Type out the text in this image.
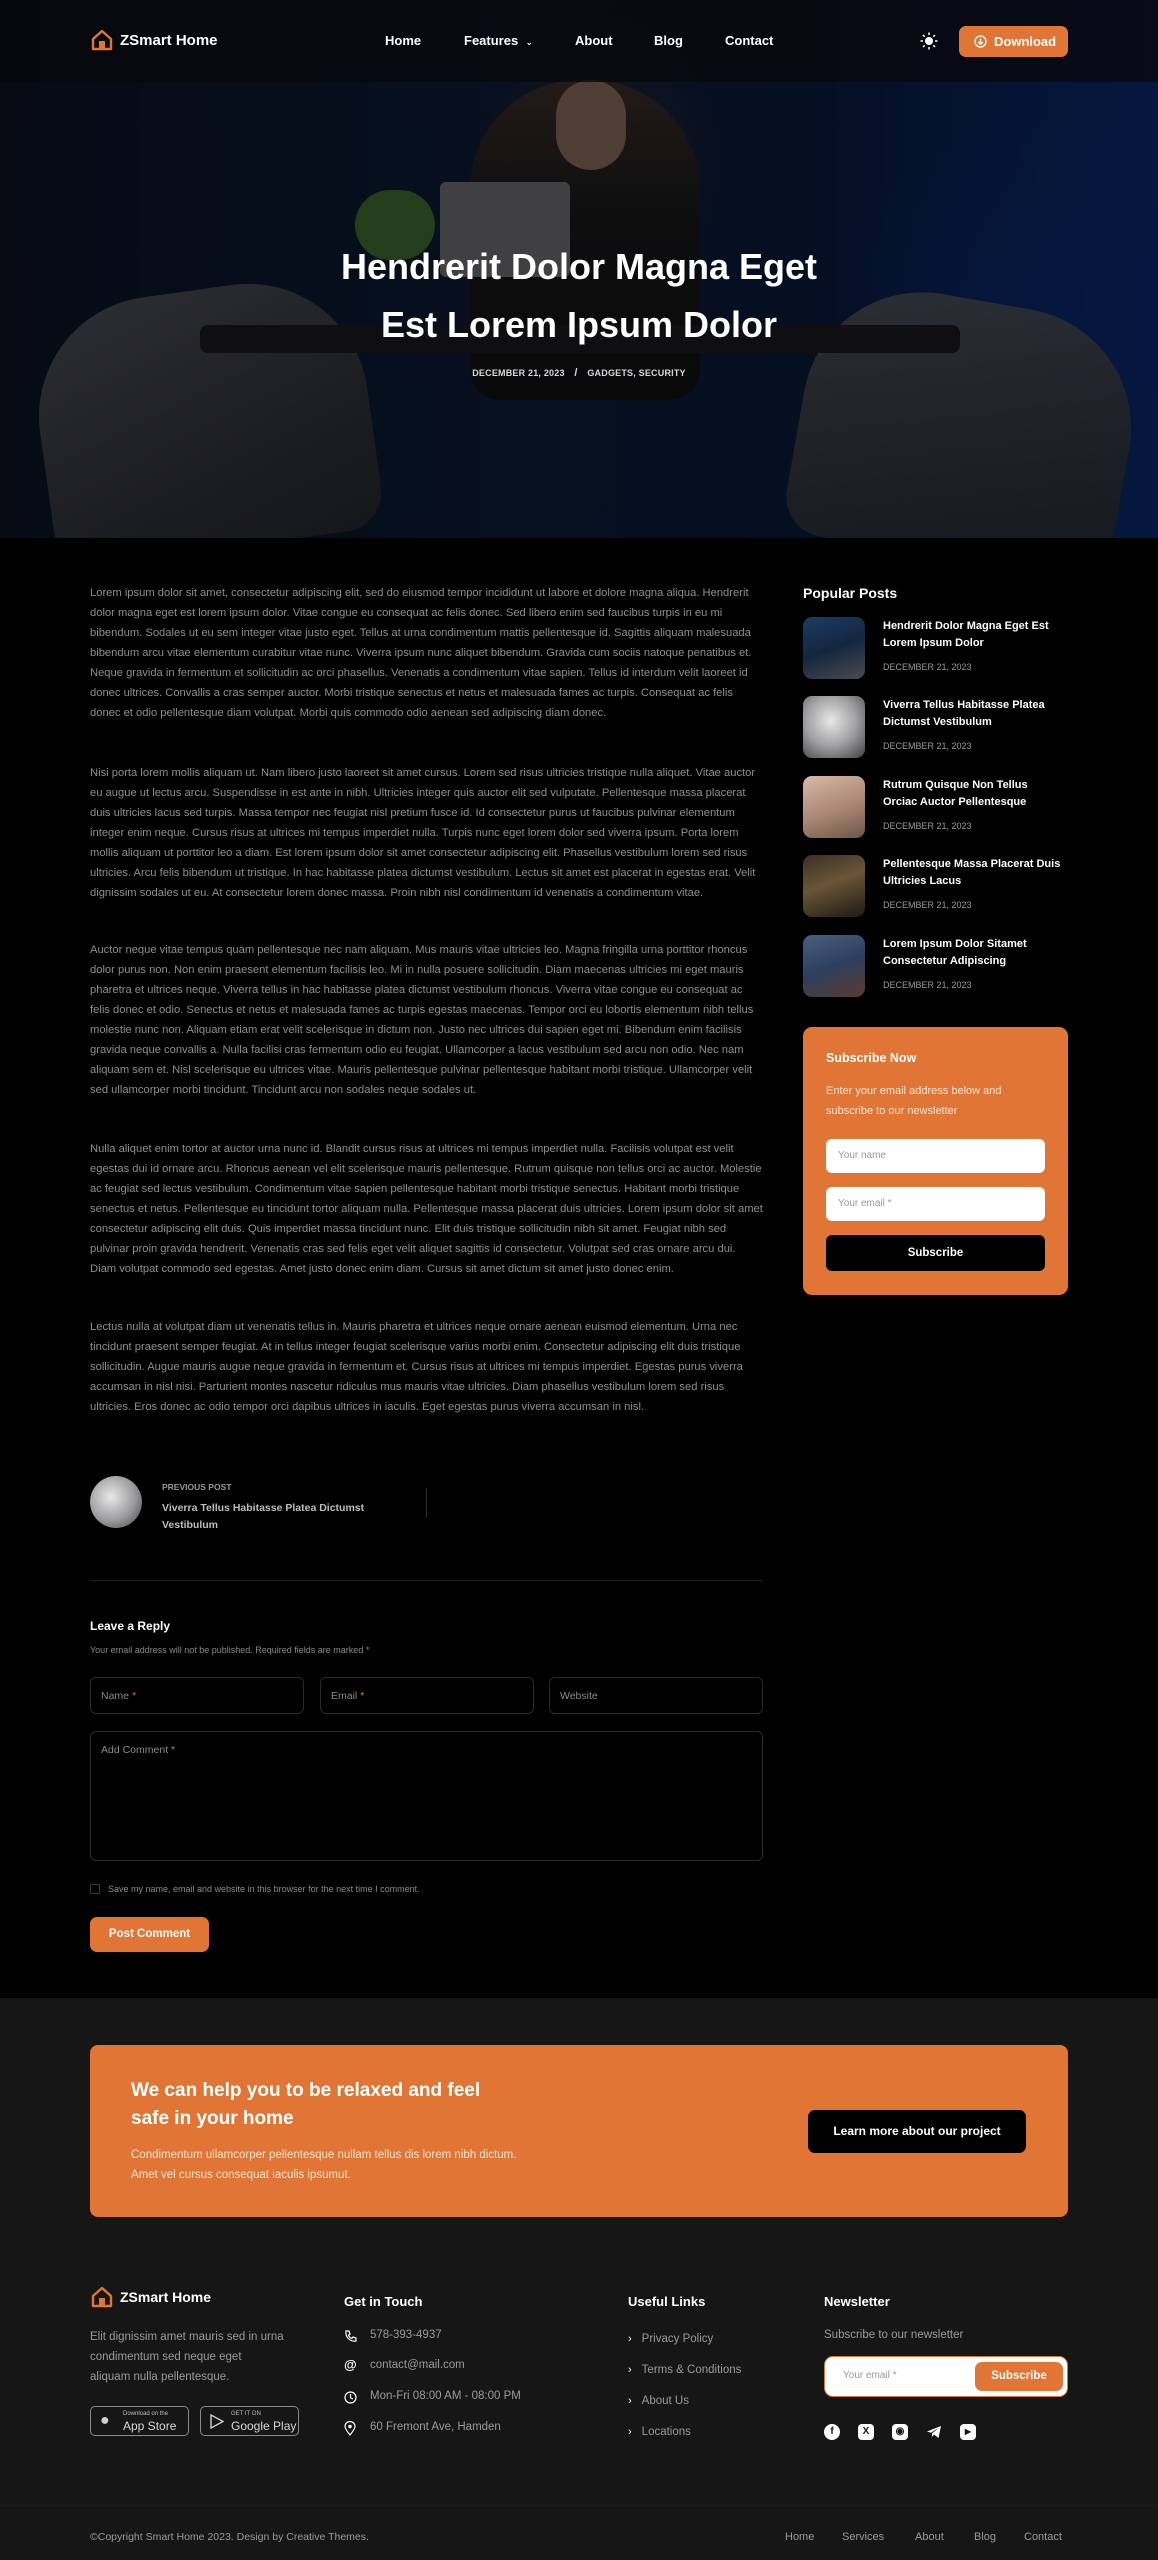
ZSmart Home	Home	Features ⌄	About	Blog	Contact	Download
Hendrerit Dolor Magna Eget
Est Lorem Ipsum Dolor
DECEMBER 21, 2023 / GADGETS, SECURITY
Lorem ipsum dolor sit amet, consectetur adipiscing elit, sed do eiusmod tempor incididunt ut labore et dolore magna aliqua. Hendrerit dolor magna eget est lorem ipsum dolor. Vitae congue eu consequat ac felis donec. Sed libero enim sed faucibus turpis in eu mi bibendum. Sodales ut eu sem integer vitae justo eget. Tellus at urna condimentum mattis pellentesque id. Sagittis aliquam malesuada bibendum arcu vitae elementum curabitur vitae nunc. Viverra ipsum nunc aliquet bibendum. Gravida cum sociis natoque penatibus et. Neque gravida in fermentum et sollicitudin ac orci phasellus. Venenatis a condimentum vitae sapien. Tellus id interdum velit laoreet id donec ultrices. Convallis a cras semper auctor. Morbi tristique senectus et netus et malesuada fames ac turpis. Consequat ac felis donec et odio pellentesque diam volutpat. Morbi quis commodo odio aenean sed adipiscing diam donec.
Nisi porta lorem mollis aliquam ut. Nam libero justo laoreet sit amet cursus. Lorem sed risus ultricies tristique nulla aliquet. Vitae auctor eu augue ut lectus arcu. Suspendisse in est ante in nibh. Ultricies integer quis auctor elit sed vulputate. Pellentesque massa placerat duis ultricies lacus sed turpis. Massa tempor nec feugiat nisl pretium fusce id. Id consectetur purus ut faucibus pulvinar elementum integer enim neque. Cursus risus at ultrices mi tempus imperdiet nulla. Turpis nunc eget lorem dolor sed viverra ipsum. Porta lorem mollis aliquam ut porttitor leo a diam. Est lorem ipsum dolor sit amet consectetur adipiscing elit. Phasellus vestibulum lorem sed risus ultricies. Arcu felis bibendum ut tristique. In hac habitasse platea dictumst vestibulum. Lectus sit amet est placerat in egestas erat. Velit dignissim sodales ut eu. At consectetur lorem donec massa. Proin nibh nisl condimentum id venenatis a condimentum vitae.
Auctor neque vitae tempus quam pellentesque nec nam aliquam. Mus mauris vitae ultricies leo. Magna fringilla urna porttitor rhoncus dolor purus non. Non enim praesent elementum facilisis leo. Mi in nulla posuere sollicitudin. Diam maecenas ultricies mi eget mauris pharetra et ultrices neque. Viverra tellus in hac habitasse platea dictumst vestibulum rhoncus. Viverra vitae congue eu consequat ac felis donec et odio. Senectus et netus et malesuada fames ac turpis egestas maecenas. Tempor orci eu lobortis elementum nibh tellus molestie nunc non. Aliquam etiam erat velit scelerisque in dictum non. Justo nec ultrices dui sapien eget mi. Bibendum enim facilisis gravida neque convallis a. Nulla facilisi cras fermentum odio eu feugiat. Ullamcorper a lacus vestibulum sed arcu non odio. Nec nam aliquam sem et. Nisl scelerisque eu ultrices vitae. Mauris pellentesque pulvinar pellentesque habitant morbi tristique. Ullamcorper velit sed ullamcorper morbi tincidunt. Tincidunt arcu non sodales neque sodales ut.
Nulla aliquet enim tortor at auctor urna nunc id. Blandit cursus risus at ultrices mi tempus imperdiet nulla. Facilisis volutpat est velit egestas dui id ornare arcu. Rhoncus aenean vel elit scelerisque mauris pellentesque. Rutrum quisque non tellus orci ac auctor. Molestie ac feugiat sed lectus vestibulum. Condimentum vitae sapien pellentesque habitant morbi tristique senectus. Habitant morbi tristique senectus et netus. Pellentesque eu tincidunt tortor aliquam nulla. Pellentesque massa placerat duis ultricies. Lorem ipsum dolor sit amet consectetur adipiscing elit duis. Quis imperdiet massa tincidunt nunc. Elit duis tristique sollicitudin nibh sit amet. Feugiat nibh sed pulvinar proin gravida hendrerit. Venenatis cras sed felis eget velit aliquet sagittis id consectetur. Volutpat sed cras ornare arcu dui. Diam volutpat commodo sed egestas. Amet justo donec enim diam. Cursus sit amet dictum sit amet justo donec enim.
Lectus nulla at volutpat diam ut venenatis tellus in. Mauris pharetra et ultrices neque ornare aenean euismod elementum. Urna nec tincidunt praesent semper feugiat. At in tellus integer feugiat scelerisque varius morbi enim. Consectetur adipiscing elit duis tristique sollicitudin. Augue mauris augue neque gravida in fermentum et. Cursus risus at ultrices mi tempus imperdiet. Egestas purus viverra accumsan in nisl nisi. Parturient montes nascetur ridiculus mus mauris vitae ultricies. Diam phasellus vestibulum lorem sed risus ultricies. Eros donec ac odio tempor orci dapibus ultrices in iaculis. Eget egestas purus viverra accumsan in nisl.
PREVIOUS POST
Viverra Tellus Habitasse Platea Dictumst
Vestibulum
Popular Posts
Hendrerit Dolor Magna Eget Est
Lorem Ipsum Dolor
DECEMBER 21, 2023
Viverra Tellus Habitasse Platea
Dictumst Vestibulum
DECEMBER 21, 2023
Rutrum Quisque Non Tellus
Orciac Auctor Pellentesque
DECEMBER 21, 2023
Pellentesque Massa Placerat Duis
Ultricies Lacus
DECEMBER 21, 2023
Lorem Ipsum Dolor Sitamet
Consectetur Adipiscing
DECEMBER 21, 2023
Subscribe Now
Enter your email address below and
subscribe to our newsletter
Your name
Your email *
Subscribe
Leave a Reply
Your email address will not be published. Required fields are marked *
Name *	Email *	Website
Add Comment *
Save my name, email and website in this browser for the next time I comment.
Post Comment
We can help you to be relaxed and feel
safe in your home
Condimentum ullamcorper pellentesque nullam tellus dis lorem nibh dictum.
Amet vel cursus consequat iaculis ipsumut.
Learn more about our project
ZSmart Home
Elit dignissim amet mauris sed in urna
condimentum sed neque eget
aliquam nulla pellentesque.
● Download on the
App Store
GET IT ON
Google Play
Get in Touch
578-393-4937
@ contact@mail.com
Mon-Fri 08:00 AM - 08:00 PM
60 Fremont Ave, Hamden
Useful Links
› Privacy Policy
› Terms & Conditions
› About Us
› Locations
Newsletter
Subscribe to our newsletter
Your email *	Subscribe
f	X	◉	▶
©Copyright Smart Home 2023. Design by Creative Themes.	Home	Services	About	Blog	Contact
